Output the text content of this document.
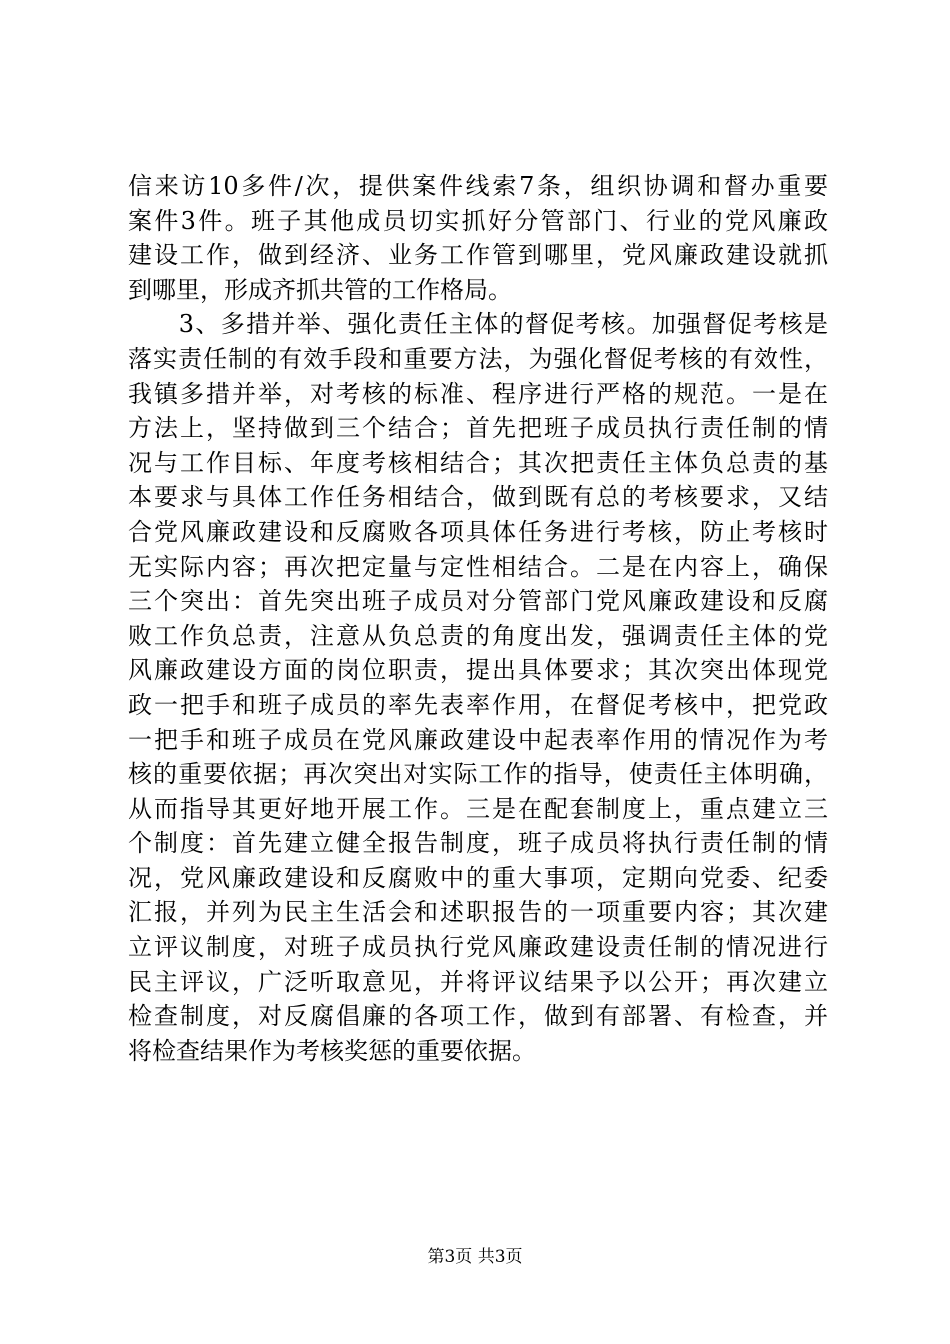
信来访10多件/次，提供案件线索7条，组织协调和督办重要
案件3件。班子其他成员切实抓好分管部门、行业的党风廉政
建设工作，做到经济、业务工作管到哪里，党风廉政建设就抓
到哪里，形成齐抓共管的工作格局。
　　3、多措并举、强化责任主体的督促考核。加强督促考核是
落实责任制的有效手段和重要方法，为强化督促考核的有效性，
我镇多措并举，对考核的标准、程序进行严格的规范。一是在
方法上，坚持做到三个结合；首先把班子成员执行责任制的情
况与工作目标、年度考核相结合；其次把责任主体负总责的基
本要求与具体工作任务相结合，做到既有总的考核要求，又结
合党风廉政建设和反腐败各项具体任务进行考核，防止考核时
无实际内容；再次把定量与定性相结合。二是在内容上，确保
三个突出：首先突出班子成员对分管部门党风廉政建设和反腐
败工作负总责，注意从负总责的角度出发，强调责任主体的党
风廉政建设方面的岗位职责，提出具体要求；其次突出体现党
政一把手和班子成员的率先表率作用，在督促考核中，把党政
一把手和班子成员在党风廉政建设中起表率作用的情况作为考
核的重要依据；再次突出对实际工作的指导，使责任主体明确，
从而指导其更好地开展工作。三是在配套制度上，重点建立三
个制度：首先建立健全报告制度，班子成员将执行责任制的情
况，党风廉政建设和反腐败中的重大事项，定期向党委、纪委
汇报，并列为民主生活会和述职报告的一项重要内容；其次建
立评议制度，对班子成员执行党风廉政建设责任制的情况进行
民主评议，广泛听取意见，并将评议结果予以公开；再次建立
检查制度，对反腐倡廉的各项工作，做到有部署、有检查，并
将检查结果作为考核奖惩的重要依据。
第3页 共3页
